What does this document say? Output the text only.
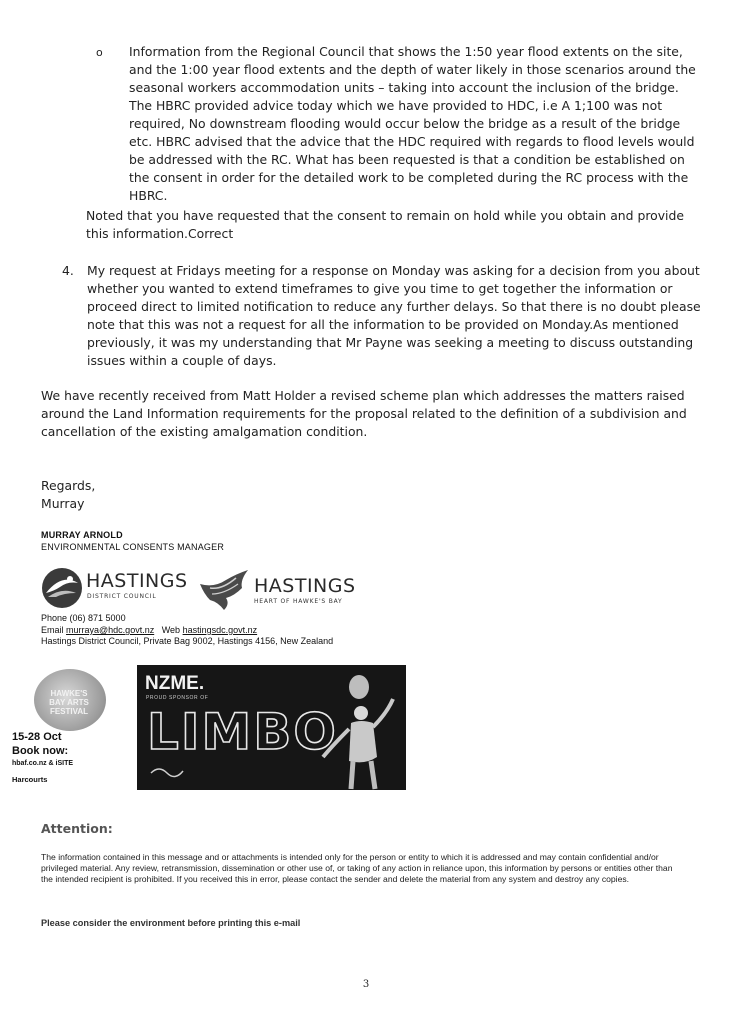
o Information from the Regional Council that shows the 1:50 year flood extents on the site, and the 1:00 year flood extents and the depth of water likely in those scenarios around the seasonal workers accommodation units – taking into account the inclusion of the bridge. The HBRC provided advice today which we have provided to HDC, i.e A 1;100 was not required, No downstream flooding would occur below the bridge as a result of the bridge etc. HBRC advised that the advice that the HDC required with regards to flood levels would be addressed with the RC. What has been requested is that a condition be established on the consent in order for the detailed work to be completed during the RC process with the HBRC.
Noted that you have requested that the consent to remain on hold while you obtain and provide this information.Correct
4. My request at Fridays meeting for a response on Monday was asking for a decision from you about whether you wanted to extend timeframes to give you time to get together the information or proceed direct to limited notification to reduce any further delays. So that there is no doubt please note that this was not a request for all the information to be provided on Monday.As mentioned previously, it was my understanding that Mr Payne was seeking a meeting to discuss outstanding issues within a couple of days.
We have recently received from Matt Holder a revised scheme plan which addresses the matters raised around the Land Information requirements for the proposal related to the definition of a subdivision and cancellation of the existing amalgamation condition.
Regards,
Murray
MURRAY ARNOLD
ENVIRONMENTAL CONSENTS MANAGER
HASTINGS
DISTRICT COUNCIL	HASTINGS
HEART OF HAWKE'S BAY
Phone (06) 871 5000
Email murraya@hdc.govt.nz Web hastingsdc.govt.nz
Hastings District Council, Private Bag 9002, Hastings 4156, New Zealand
HAWKE'S BAY ARTS FESTIVAL
15-28 Oct
Book now:
hbaf.co.nz & iSITE
Harcourts
NZME.
PROUD SPONSOR OF
LIMBO
Attention:
The information contained in this message and or attachments is intended only for the person or entity to which it is addressed and may contain confidential and/or privileged material. Any review, retransmission, dissemination or other use of, or taking of any action in reliance upon, this information by persons or entities other than the intended recipient is prohibited. If you received this in error, please contact the sender and delete the material from any system and destroy any copies.
Please consider the environment before printing this e-mail
3
